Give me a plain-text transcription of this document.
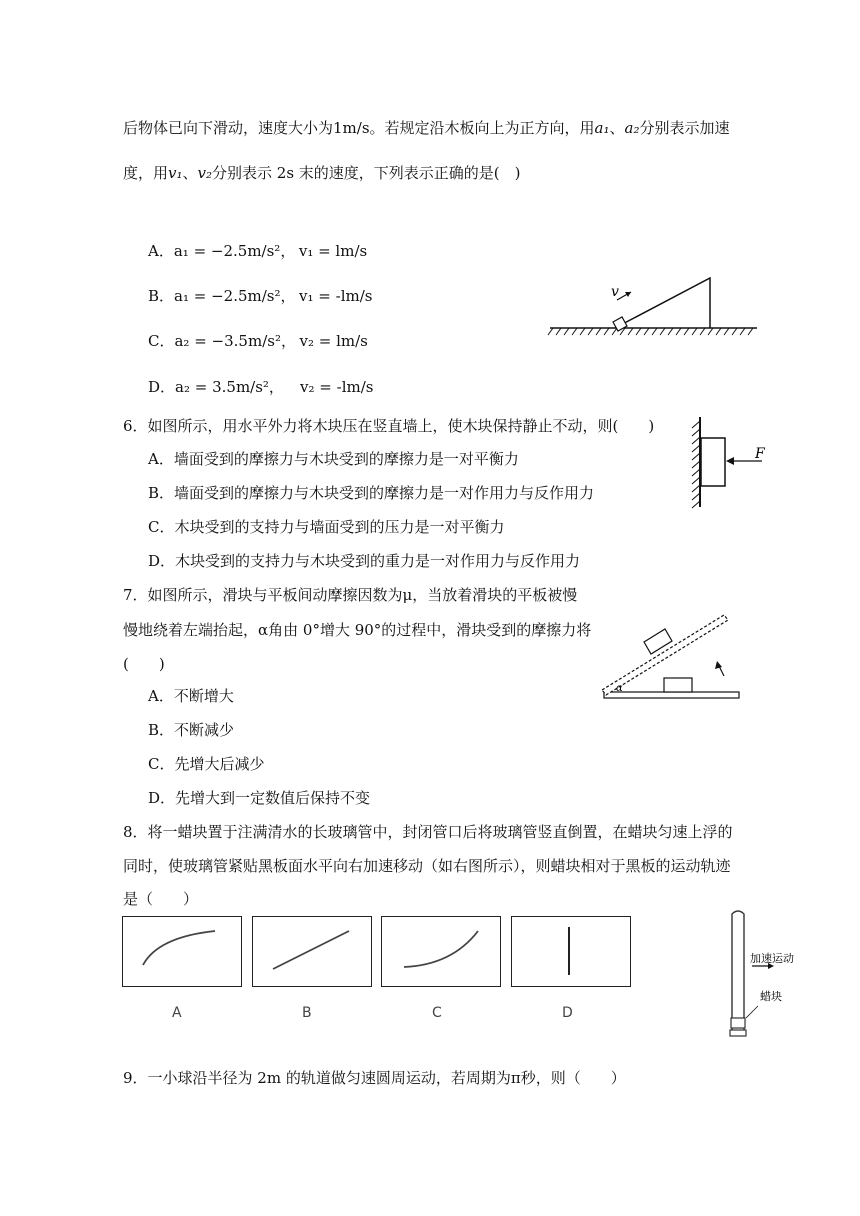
后物体已向下滑动，速度大小为1m/s。若规定沿木板向上为正方向，用a₁、a₂分别表示加速
度，用v₁、v₂分别表示 2s 末的速度，下列表示正确的是(　)
A．a₁ = −2.5m/s²， v₁ = lm/s
B．a₁ = −2.5m/s²， v₁ = -lm/s
C．a₂ = −3.5m/s²， v₂ = lm/s
D．a₂ = 3.5m/s²， v₂ = -lm/s
v
6．如图所示，用水平外力将木块压在竖直墙上，使木块保持静止不动，则(　　)
A．墙面受到的摩擦力与木块受到的摩擦力是一对平衡力
B．墙面受到的摩擦力与木块受到的摩擦力是一对作用力与反作用力
C．木块受到的支持力与墙面受到的压力是一对平衡力
D．木块受到的支持力与木块受到的重力是一对作用力与反作用力
F
7．如图所示，滑块与平板间动摩擦因数为μ，当放着滑块的平板被慢
慢地绕着左端抬起，α角由 0°增大 90°的过程中，滑块受到的摩擦力将
(　　)
A．不断增大
B．不断减少
C．先增大后减少
D．先增大到一定数值后保持不变
α
8．将一蜡块置于注满清水的长玻璃管中，封闭管口后将玻璃管竖直倒置，在蜡块匀速上浮的
同时，使玻璃管紧贴黑板面水平向右加速移动（如右图所示），则蜡块相对于黑板的运动轨迹
是（　　）
A	B	C	D
加速运动
蜡块
9．一小球沿半径为 2m 的轨道做匀速圆周运动，若周期为π秒，则（　　）
